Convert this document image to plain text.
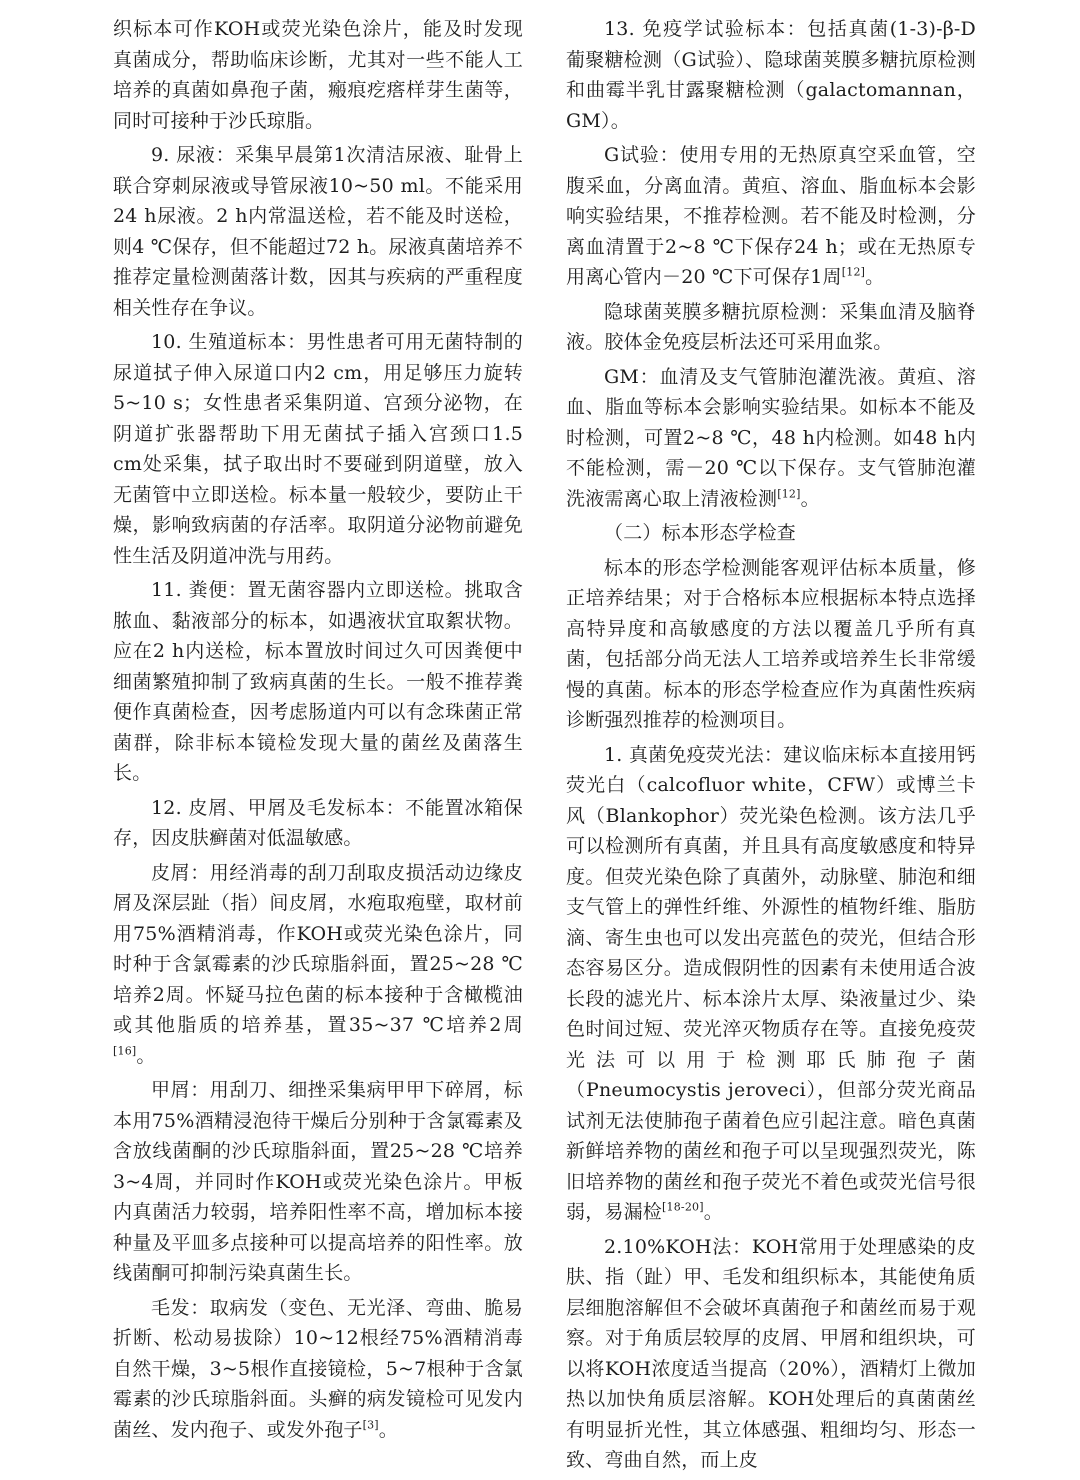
织标本可作KOH或荧光染色涂片，能及时发现真菌成分，帮助临床诊断，尤其对一些不能人工培养的真菌如鼻孢子菌，瘢痕疙瘩样芽生菌等，同时可接种于沙氏琼脂。

9. 尿液：采集早晨第1次清洁尿液、耻骨上联合穿刺尿液或导管尿液10~50 ml。不能采用24 h尿液。2 h内常温送检，若不能及时送检，则4 ℃保存，但不能超过72 h。尿液真菌培养不推荐定量检测菌落计数，因其与疾病的严重程度相关性存在争议。

10. 生殖道标本：男性患者可用无菌特制的尿道拭子伸入尿道口内2 cm，用足够压力旋转5~10 s；女性患者采集阴道、宫颈分泌物，在阴道扩张器帮助下用无菌拭子插入宫颈口1.5 cm处采集，拭子取出时不要碰到阴道壁，放入无菌管中立即送检。标本量一般较少，要防止干燥，影响致病菌的存活率。取阴道分泌物前避免性生活及阴道冲洗与用药。

11. 粪便：置无菌容器内立即送检。挑取含脓血、黏液部分的标本，如遇液状宜取絮状物。应在2 h内送检，标本置放时间过久可因粪便中细菌繁殖抑制了致病真菌的生长。一般不推荐粪便作真菌检查，因考虑肠道内可以有念珠菌正常菌群，除非标本镜检发现大量的菌丝及菌落生长。

12. 皮屑、甲屑及毛发标本：不能置冰箱保存，因皮肤癣菌对低温敏感。

皮屑：用经消毒的刮刀刮取皮损活动边缘皮屑及深层趾（指）间皮屑，水疱取疱壁，取材前用75%酒精消毒，作KOH或荧光染色涂片，同时种于含氯霉素的沙氏琼脂斜面，置25~28 ℃培养2周。怀疑马拉色菌的标本接种于含橄榄油或其他脂质的培养基，置35~37 ℃培养2周[16]。

甲屑：用刮刀、细挫采集病甲甲下碎屑，标本用75%酒精浸泡待干燥后分别种于含氯霉素及含放线菌酮的沙氏琼脂斜面，置25~28 ℃培养3~4周，并同时作KOH或荧光染色涂片。甲板内真菌活力较弱，培养阳性率不高，增加标本接种量及平皿多点接种可以提高培养的阳性率。放线菌酮可抑制污染真菌生长。

毛发：取病发（变色、无光泽、弯曲、脆易折断、松动易拔除）10~12根经75%酒精消毒自然干燥，3~5根作直接镜检，5~7根种于含氯霉素的沙氏琼脂斜面。头癣的病发镜检可见发内菌丝、发内孢子、或发外孢子[3]。

13. 免疫学试验标本：包括真菌(1-3)-β-D葡聚糖检测（G试验）、隐球菌荚膜多糖抗原检测和曲霉半乳甘露聚糖检测（galactomannan，GM）。

G试验：使用专用的无热原真空采血管，空腹采血，分离血清。黄疸、溶血、脂血标本会影响实验结果，不推荐检测。若不能及时检测，分离血清置于2~8 ℃下保存24 h；或在无热原专用离心管内－20 ℃下可保存1周[12]。

隐球菌荚膜多糖抗原检测：采集血清及脑脊液。胶体金免疫层析法还可采用血浆。

GM：血清及支气管肺泡灌洗液。黄疸、溶血、脂血等标本会影响实验结果。如标本不能及时检测，可置2~8 ℃，48 h内检测。如48 h内不能检测，需－20 ℃以下保存。支气管肺泡灌洗液需离心取上清液检测[12]。

（二）标本形态学检查

标本的形态学检测能客观评估标本质量，修正培养结果；对于合格标本应根据标本特点选择高特异度和高敏感度的方法以覆盖几乎所有真菌，包括部分尚无法人工培养或培养生长非常缓慢的真菌。标本的形态学检查应作为真菌性疾病诊断强烈推荐的检测项目。

1. 真菌免疫荧光法：建议临床标本直接用钙荧光白（calcofluor white，CFW）或博兰卡风（Blankophor）荧光染色检测。该方法几乎可以检测所有真菌，并且具有高度敏感度和特异度。但荧光染色除了真菌外，动脉壁、肺泡和细支气管上的弹性纤维、外源性的植物纤维、脂肪滴、寄生虫也可以发出亮蓝色的荧光，但结合形态容易区分。造成假阴性的因素有未使用适合波长段的滤光片、标本涂片太厚、染液量过少、染色时间过短、荧光淬灭物质存在等。直接免疫荧光法可以用于检测耶氏肺孢子菌（Pneumocystis jeroveci），但部分荧光商品试剂无法使肺孢子菌着色应引起注意。暗色真菌新鲜培养物的菌丝和孢子可以呈现强烈荧光，陈旧培养物的菌丝和孢子荧光不着色或荧光信号很弱，易漏检[18-20]。

2.10%KOH法：KOH常用于处理感染的皮肤、指（趾）甲、毛发和组织标本，其能使角质层细胞溶解但不会破坏真菌孢子和菌丝而易于观察。对于角质层较厚的皮屑、甲屑和组织块，可以将KOH浓度适当提高（20%），酒精灯上微加热以加快角质层溶解。KOH处理后的真菌菌丝有明显折光性，其立体感强、粗细均匀、形态一致、弯曲自然，而上皮
